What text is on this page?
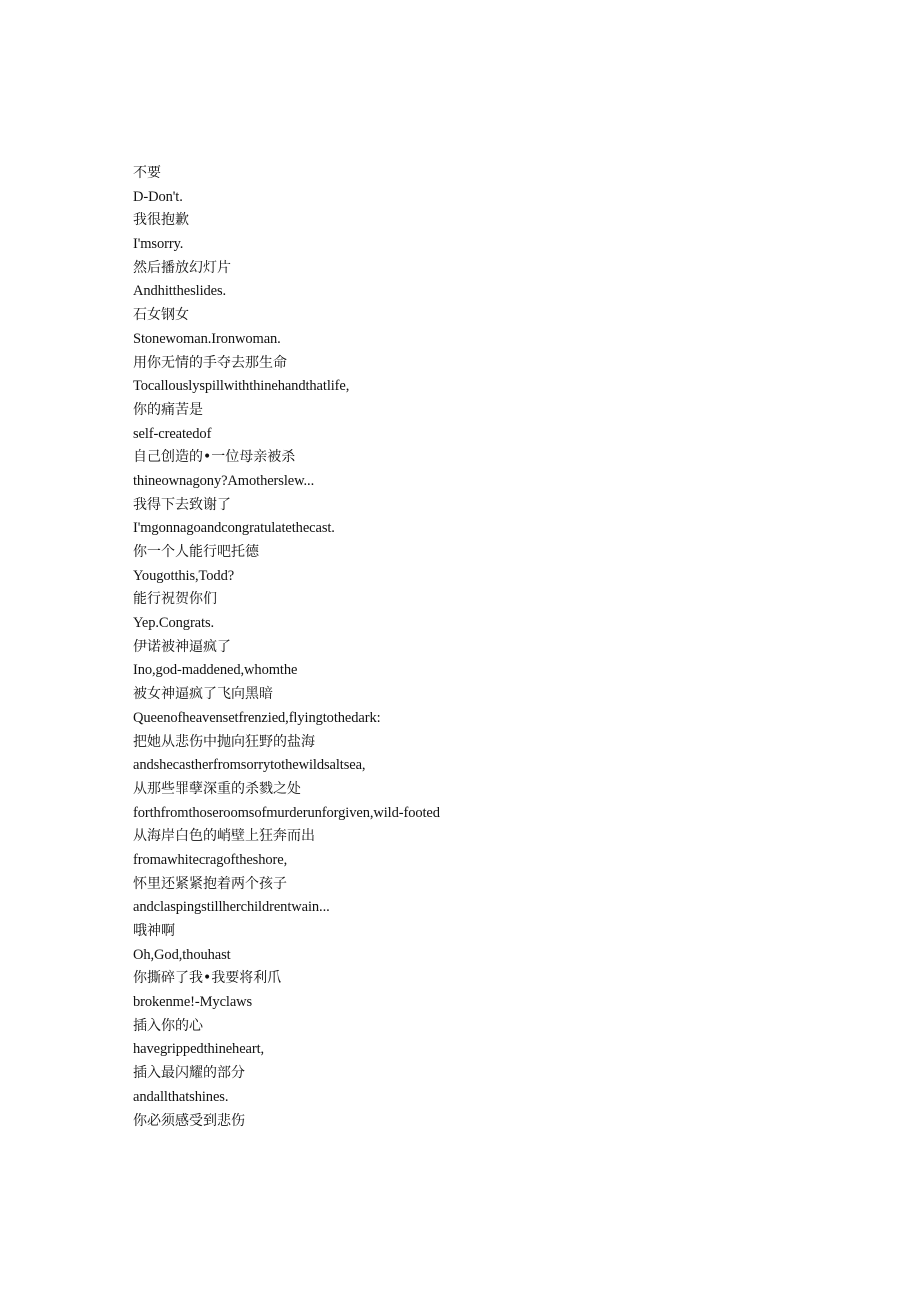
不要
D-Don't.
我很抱歉
I'msorry.
然后播放幻灯片
Andhittheslides.
石女钢女
Stonewoman.Ironwoman.
用你无情的手夺去那生命
Tocallouslyspillwiththinehandthatlife,
你的痛苦是
self-createdof
自己创造的•一位母亲被杀
thineownagony?Amotherslew...
我得下去致谢了
I'mgonnagoandcongratulatethecast.
你一个人能行吧托德
Yougotthis,Todd?
能行祝贺你们
Yep.Congrats.
伊诺被神逼疯了
Ino,god-maddened,whomthe
被女神逼疯了飞向黑暗
Queenofheavensetfrenzied,flyingtothedark:
把她从悲伤中抛向狂野的盐海
andshecastherfromsorrytothewildsaltsea,
从那些罪孽深重的杀戮之处
forthfromthoseroomsofmurderunforgiven,wild-footed
从海岸白色的峭壁上狂奔而出
fromawhitecragoftheshore,
怀里还紧紧抱着两个孩子
andclaspingstillherchildrentwain...
哦神啊
Oh,God,thouhast
你撕碎了我•我要将利爪
brokenme!-Myclaws
插入你的心
havegrippedthineheart,
插入最闪耀的部分
andallthatshines.
你必须感受到悲伤
